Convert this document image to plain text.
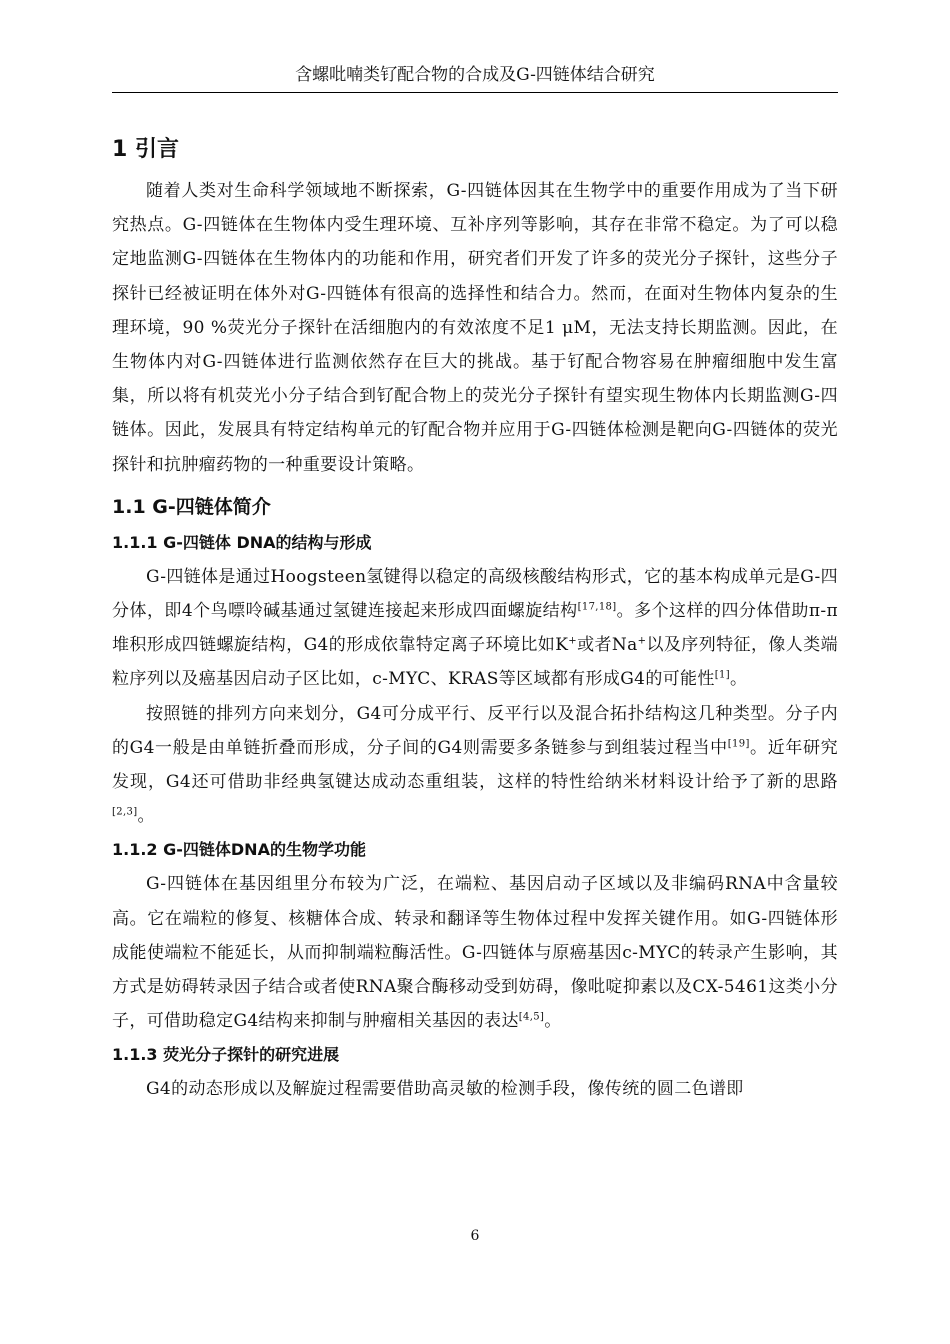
含螺吡喃类钌配合物的合成及G-四链体结合研究
1 引言

随着人类对生命科学领域地不断探索，G-四链体因其在生物学中的重要作用成为了当下研究热点。G-四链体在生物体内受生理环境、互补序列等影响，其存在非常不稳定。为了可以稳定地监测G-四链体在生物体内的功能和作用，研究者们开发了许多的荧光分子探针，这些分子探针已经被证明在体外对G-四链体有很高的选择性和结合力。然而，在面对生物体内复杂的生理环境，90 %荧光分子探针在活细胞内的有效浓度不足1 μM，无法支持长期监测。因此，在生物体内对G-四链体进行监测依然存在巨大的挑战。基于钌配合物容易在肿瘤细胞中发生富集，所以将有机荧光小分子结合到钌配合物上的荧光分子探针有望实现生物体内长期监测G-四链体。因此，发展具有特定结构单元的钌配合物并应用于G-四链体检测是靶向G-四链体的荧光探针和抗肿瘤药物的一种重要设计策略。

1.1 G-四链体简介
1.1.1 G-四链体 DNA的结构与形成

G-四链体是通过Hoogsteen氢键得以稳定的高级核酸结构形式，它的基本构成单元是G-四分体，即4个鸟嘌呤碱基通过氢键连接起来形成四面螺旋结构[17,18]。多个这样的四分体借助π-π堆积形成四链螺旋结构，G4的形成依靠特定离子环境比如K+或者Na+以及序列特征，像人类端粒序列以及癌基因启动子区比如，c-MYC、KRAS等区域都有形成G4的可能性[1]。

按照链的排列方向来划分，G4可分成平行、反平行以及混合拓扑结构这几种类型。分子内的G4一般是由单链折叠而形成，分子间的G4则需要多条链参与到组装过程当中[19]。近年研究发现，G4还可借助非经典氢键达成动态重组装，这样的特性给纳米材料设计给予了新的思路[2,3]。

1.1.2 G-四链体DNA的生物学功能

G-四链体在基因组里分布较为广泛，在端粒、基因启动子区域以及非编码RNA中含量较高。它在端粒的修复、核糖体合成、转录和翻译等生物体过程中发挥关键作用。如G-四链体形成能使端粒不能延长，从而抑制端粒酶活性。G-四链体与原癌基因c-MYC的转录产生影响，其方式是妨碍转录因子结合或者使RNA聚合酶移动受到妨碍，像吡啶抑素以及CX-5461这类小分子，可借助稳定G4结构来抑制与肿瘤相关基因的表达[4,5]。

1.1.3 荧光分子探针的研究进展

G4的动态形成以及解旋过程需要借助高灵敏的检测手段，像传统的圆二色谱即

6
